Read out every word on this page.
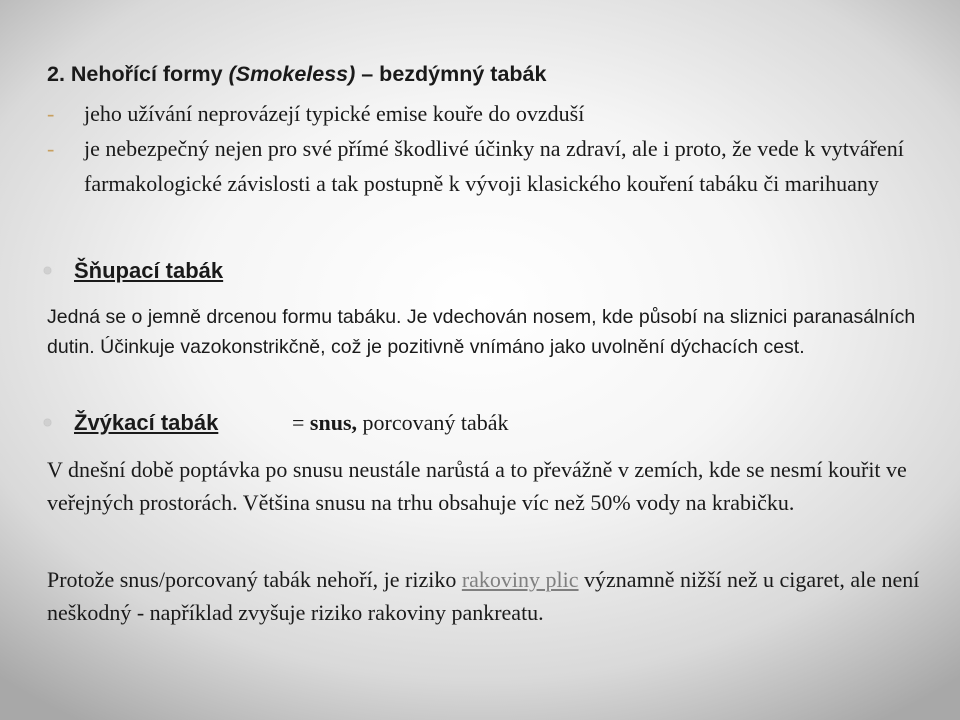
2. Nehořící formy (Smokeless) – bezdýmný tabák
- jeho užívání neprovázejí typické emise kouře do ovzduší
- je nebezpečný nejen pro své přímé škodlivé účinky na zdraví, ale i proto, že vede k vytváření farmakologické závislosti a tak postupně k vývoji klasického kouření tabáku či marihuany
Šňupací tabák

Jedná se o jemně drcenou formu tabáku. Je vdechován nosem, kde působí na sliznici paranasálních dutin. Účinkuje vazokonstrikčně, což je pozitivně vnímáno jako uvolnění dýchacích cest.

Žvýkací tabák	= snus, porcovaný tabák

V dnešní době poptávka po snusu neustále narůstá a to převážně v zemích, kde se nesmí kouřit ve veřejných prostorách. Většina snusu na trhu obsahuje víc než 50% vody na krabičku.

Protože snus/porcovaný tabák nehoří, je riziko rakoviny plic významně nižší než u cigaret, ale není neškodný - například zvyšuje riziko rakoviny pankreatu.
